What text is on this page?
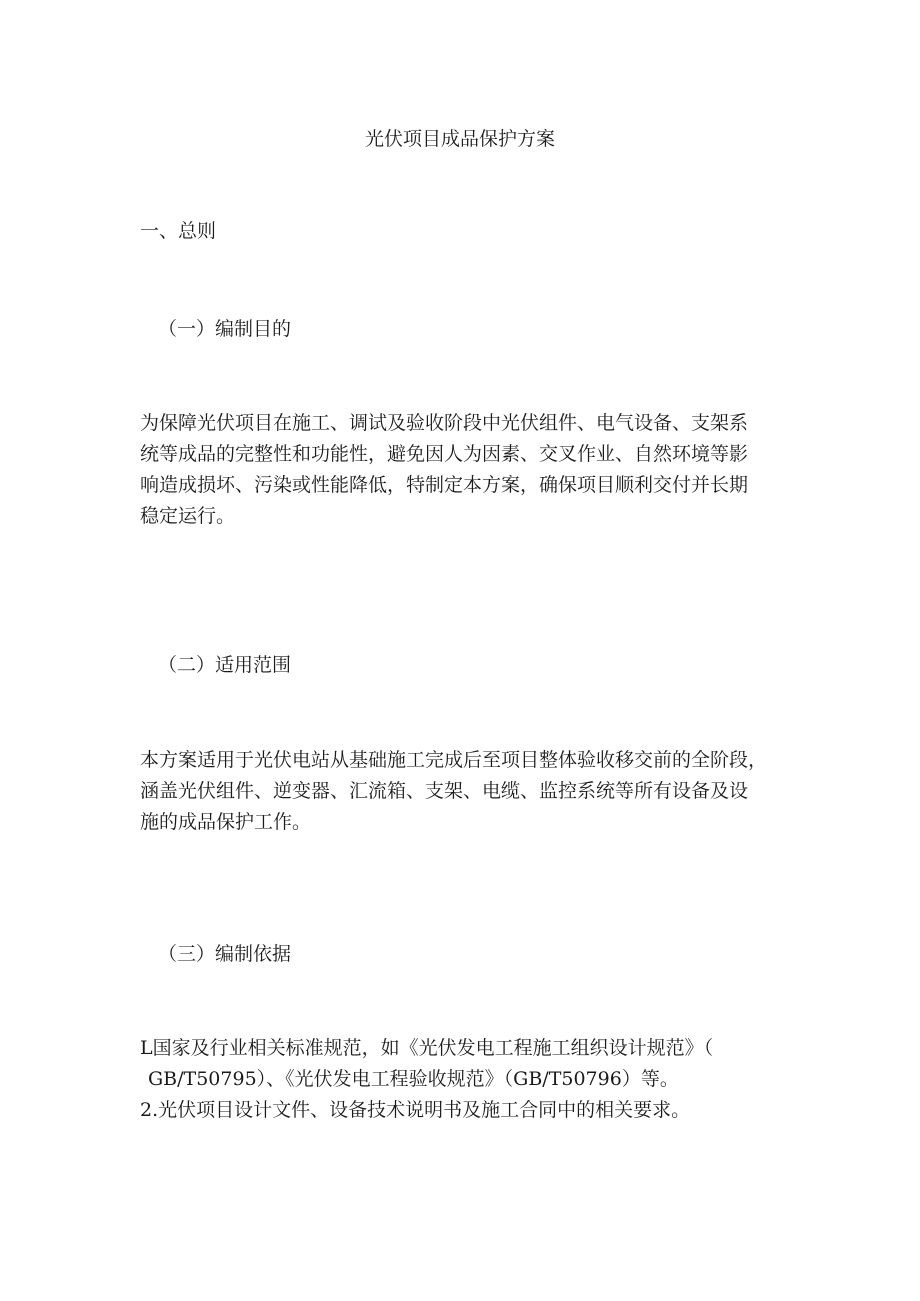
光伏项目成品保护方案
一、总则
（一）编制目的
为保障光伏项目在施工、调试及验收阶段中光伏组件、电气设备、支架系
统等成品的完整性和功能性，避免因人为因素、交叉作业、自然环境等影
响造成损坏、污染或性能降低，特制定本方案，确保项目顺利交付并长期
稳定运行。
（二）适用范围
本方案适用于光伏电站从基础施工完成后至项目整体验收移交前的全阶段，
涵盖光伏组件、逆变器、汇流箱、支架、电缆、监控系统等所有设备及设
施的成品保护工作。
（三）编制依据
L国家及行业相关标准规范，如《光伏发电工程施工组织设计规范》（
GB/T50795）、《光伏发电工程验收规范》（GB/T50796）等。
2.光伏项目设计文件、设备技术说明书及施工合同中的相关要求。
